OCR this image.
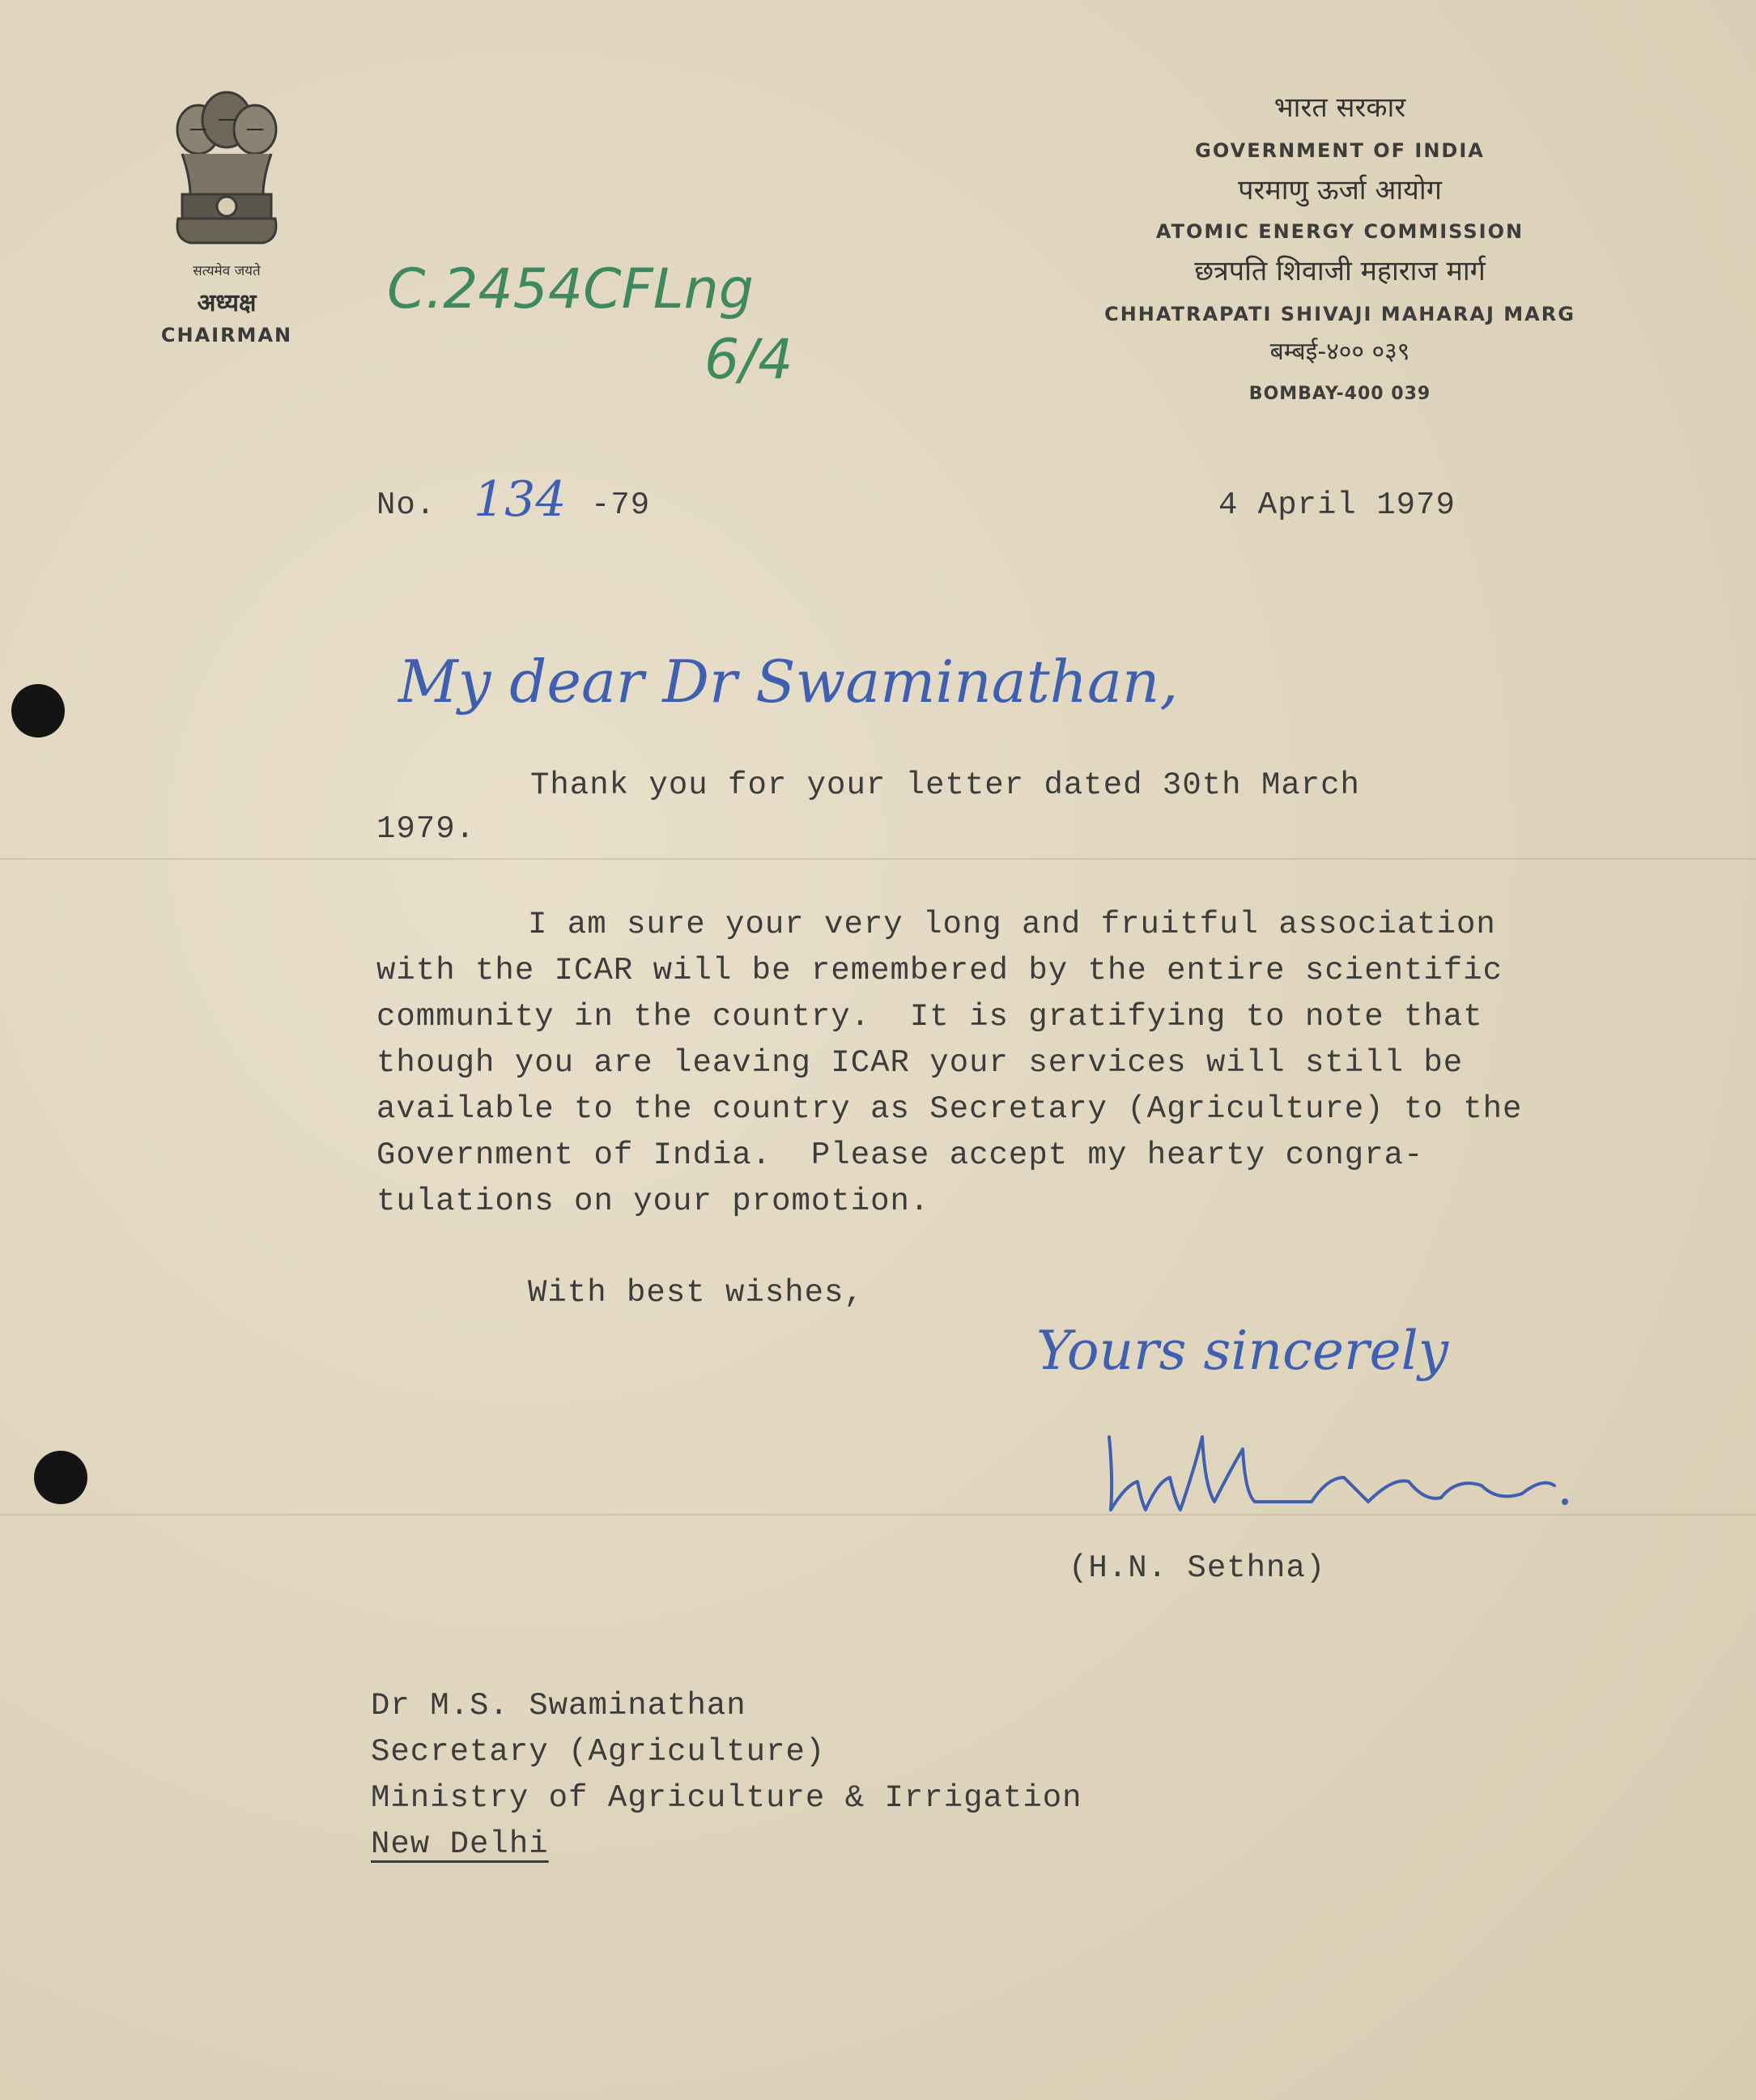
सत्यमेव जयते
अध्यक्ष
CHAIRMAN
भारत सरकार
GOVERNMENT OF INDIA
परमाणु ऊर्जा आयोग
ATOMIC ENERGY COMMISSION
छत्रपति शिवाजी महाराज मार्ग
CHHATRAPATI SHIVAJI MAHARAJ MARG
बम्बई-४०० ०३९
BOMBAY-400 039
C.2454CFLng
6/4
No. 134 -79	4 April 1979
My dear Dr Swaminathan,
Thank you for your letter dated 30th March
1979.
I am sure your very long and fruitful association
with the ICAR will be remembered by the entire scientific
community in the country.  It is gratifying to note that
though you are leaving ICAR your services will still be
available to the country as Secretary (Agriculture) to the
Government of India.  Please accept my hearty congra-
tulations on your promotion.
With best wishes,
Yours sincerely
(H.N. Sethna)
Dr M.S. Swaminathan
Secretary (Agriculture)
Ministry of Agriculture & Irrigation
New Delhi
